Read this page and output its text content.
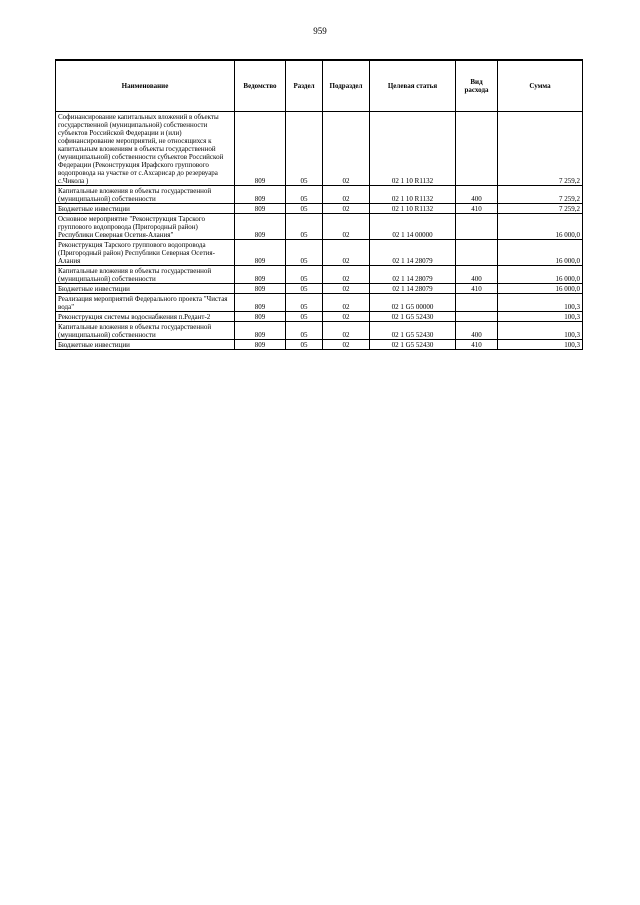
959
Наименование	Ведомство	Раздел	Подраздел	Целевая статья	Вид расхода	Сумма
Софинансирование капитальных вложений в объекты государственной (муниципальной) собственности субъектов Российской Федерации и (или) софинансирование мероприятий, не относящихся к капитальным вложениям в объекты государственной (муниципальной) собственности субъектов Российской Федерации (Реконструкция Ирафского группового водопровода на участке от с.Ахсарисар до резервуара с.Чикола )	809	05	02	02 1 10 R1132		7 259,2
Капитальные вложения в объекты государственной (муниципальной) собственности	809	05	02	02 1 10 R1132	400	7 259,2
Бюджетные инвестиции	809	05	02	02 1 10 R1132	410	7 259,2
Основное мероприятие "Реконструкция Тарского группового водопровода (Пригородный район) Республики Северная Осетия-Алания"	809	05	02	02 1 14 00000		16 000,0
Реконструкция Тарского группового водопровода (Пригородный район) Республики Северная Осетия-Алания	809	05	02	02 1 14 28079		16 000,0
Капитальные вложения в объекты государственной (муниципальной) собственности	809	05	02	02 1 14 28079	400	16 000,0
Бюджетные инвестиции	809	05	02	02 1 14 28079	410	16 000,0
Реализация мероприятий Федерального проекта "Чистая вода"	809	05	02	02 1 G5 00000		100,3
Реконструкция системы водоснабжения п.Редант-2	809	05	02	02 1 G5 52430		100,3
Капитальные вложения в объекты государственной (муниципальной) собственности	809	05	02	02 1 G5 52430	400	100,3
Бюджетные инвестиции	809	05	02	02 1 G5 52430	410	100,3
